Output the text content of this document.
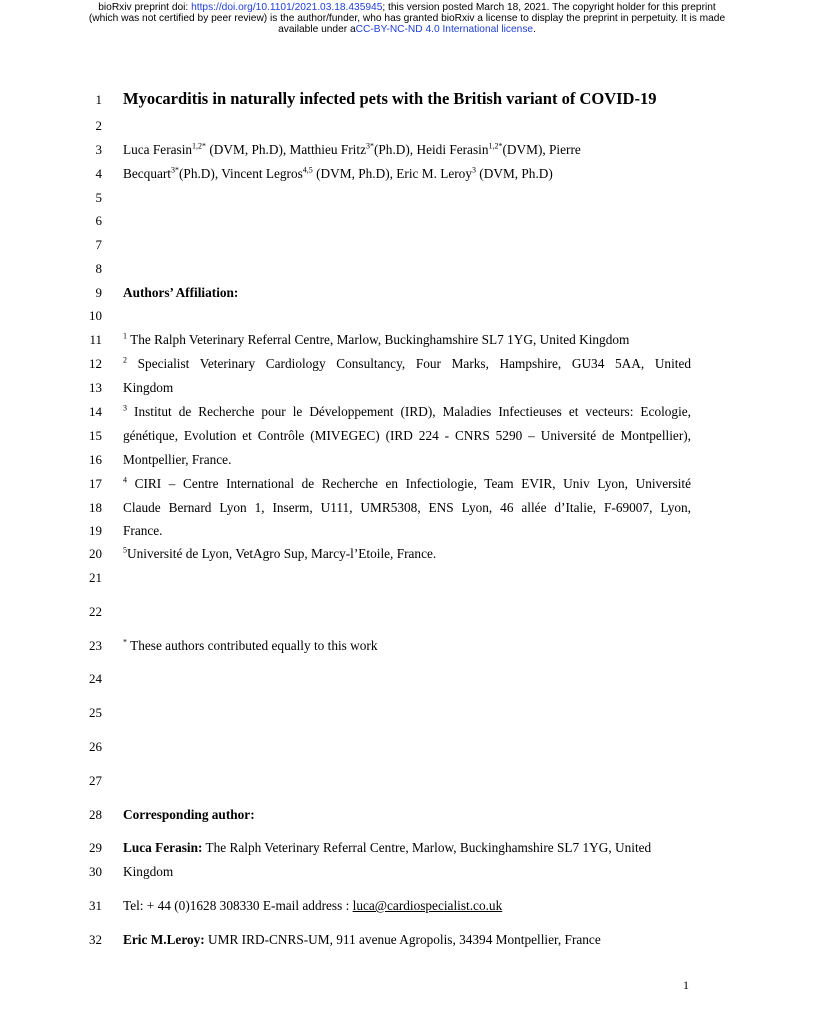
bioRxiv preprint doi: https://doi.org/10.1101/2021.03.18.435945; this version posted March 18, 2021. The copyright holder for this preprint
(which was not certified by peer review) is the author/funder, who has granted bioRxiv a license to display the preprint in perpetuity. It is made
available under aCC-BY-NC-ND 4.0 International license.
1
2
3
4
5
6
7
8
9
10
11
12
13
14
15
16
17
18
19
20
21
22
23
24
25
26
27
28
29
30
31
32
Myocarditis in naturally infected pets with the British variant of COVID-19
Luca Ferasin$^{1,2*}$ (DVM, Ph.D), Matthieu Fritz$^{3*}$(Ph.D), Heidi Ferasin$^{1,2*}$(DVM), Pierre
Becquart$^{3*}$(Ph.D), Vincent Legros$^{4,5}$ (DVM, Ph.D), Eric M. Leroy$^3$ (DVM, Ph.D)
Authors’ Affiliation:
$^1$ The Ralph Veterinary Referral Centre, Marlow, Buckinghamshire SL7 1YG, United Kingdom
$^2$ Specialist Veterinary Cardiology Consultancy, Four Marks, Hampshire, GU34 5AA, United
Kingdom
$^3$ Institut de Recherche pour le Développement (IRD), Maladies Infectieuses et vecteurs: Ecologie,
génétique, Evolution et Contrôle (MIVEGEC) (IRD 224 - CNRS 5290 – Université de Montpellier),
Montpellier, France.
$^4$ CIRI – Centre International de Recherche en Infectiologie, Team EVIR, Univ Lyon, Université
Claude Bernard Lyon 1, Inserm, U111, UMR5308, ENS Lyon, 46 allée d’Italie, F-69007, Lyon,
France.
$^5$Université de Lyon, VetAgro Sup, Marcy-l’Etoile, France.
* These authors contributed equally to this work
Corresponding author:
Luca Ferasin: The Ralph Veterinary Referral Centre, Marlow, Buckinghamshire SL7 1YG, United
Kingdom
Tel: + 44 (0)1628 308330 E-mail address : luca@cardiospecialist.co.uk
Eric M.Leroy: UMR IRD-CNRS-UM, 911 avenue Agropolis, 34394 Montpellier, France
1
